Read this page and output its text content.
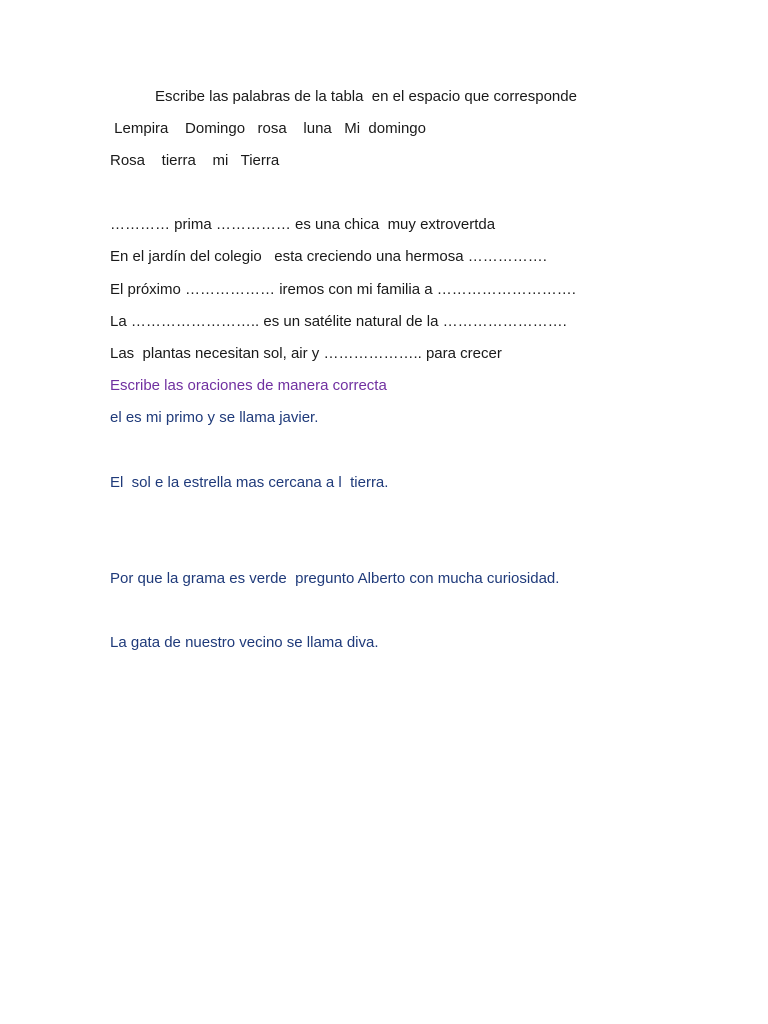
Escribe las palabras de la tabla  en el espacio que corresponde

Lempira    Domingo   rosa    luna   Mi  domingo

Rosa    tierra    mi   Tierra

………… prima …………… es una chica  muy extrovertda

En el jardín del colegio   esta creciendo una hermosa …………….

El próximo ……………… iremos con mi familia a ……………………….

La …………………….. es un satélite natural de la …………………….

Las  plantas necesitan sol, air y ……………….. para crecer

Escribe las oraciones de manera correcta

el es mi primo y se llama javier.

El  sol e la estrella mas cercana a l  tierra.

Por que la grama es verde  pregunto Alberto con mucha curiosidad.

La gata de nuestro vecino se llama diva.
